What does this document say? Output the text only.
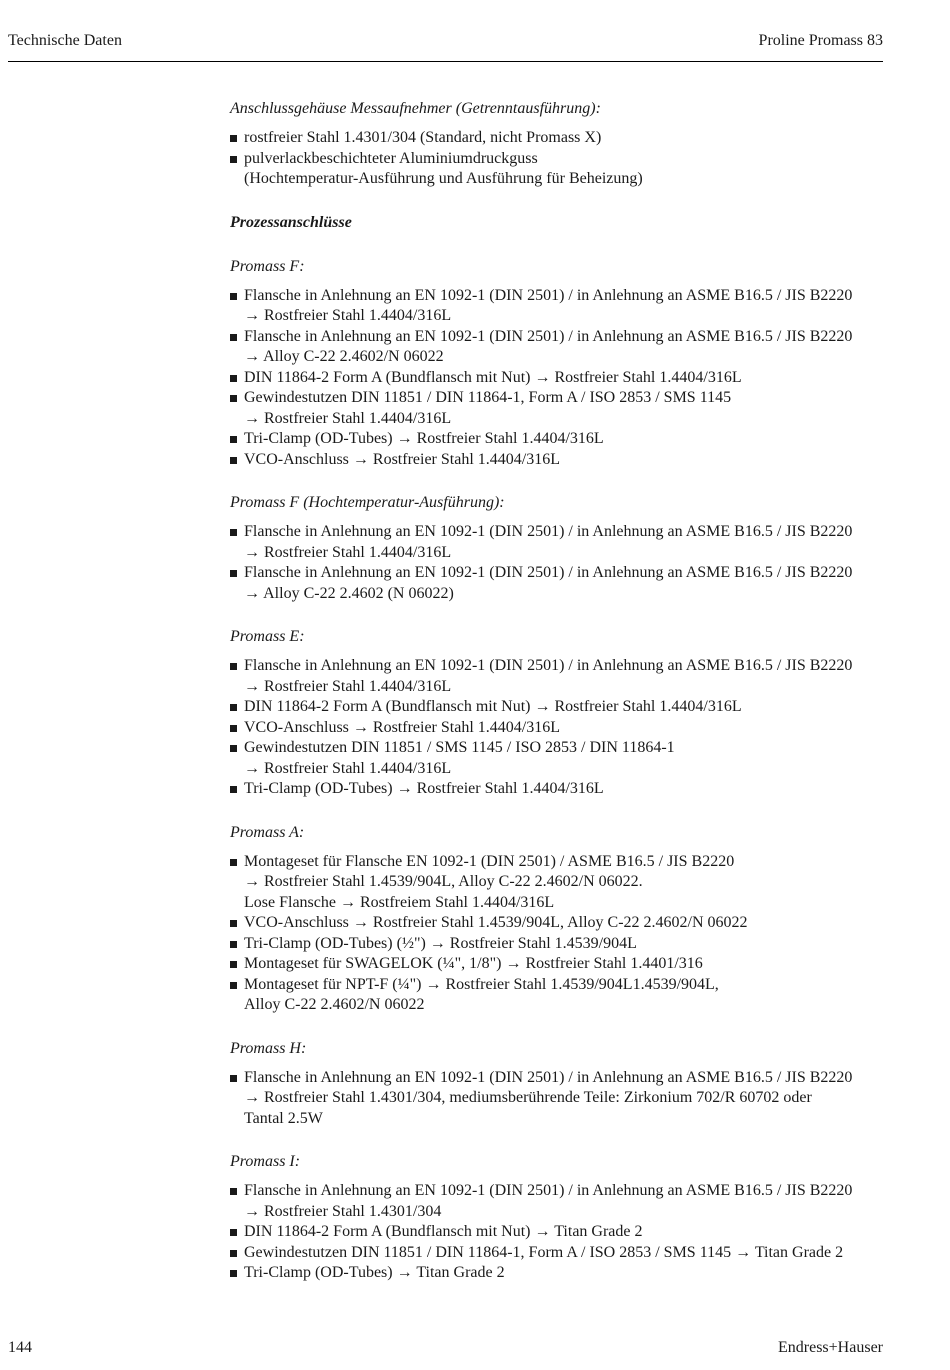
Technische Daten	Proline Promass 83
Anschlussgehäuse Messaufnehmer (Getrenntausführung):
rostfreier Stahl 1.4301/304 (Standard, nicht Promass X)
pulverlackbeschichteter Aluminiumdruckguss
(Hochtemperatur-Ausführung und Ausführung für Beheizung)
Prozessanschlüsse
Promass F:
Flansche in Anlehnung an EN 1092-1 (DIN 2501) / in Anlehnung an ASME B16.5 / JIS B2220
→ Rostfreier Stahl 1.4404/316L
Flansche in Anlehnung an EN 1092-1 (DIN 2501) / in Anlehnung an ASME B16.5 / JIS B2220
→ Alloy C-22 2.4602/N 06022
DIN 11864-2 Form A (Bundflansch mit Nut) → Rostfreier Stahl 1.4404/316L
Gewindestutzen DIN 11851 / DIN 11864-1, Form A / ISO 2853 / SMS 1145
→ Rostfreier Stahl 1.4404/316L
Tri-Clamp (OD-Tubes) → Rostfreier Stahl 1.4404/316L
VCO-Anschluss → Rostfreier Stahl 1.4404/316L
Promass F (Hochtemperatur-Ausführung):
Flansche in Anlehnung an EN 1092-1 (DIN 2501) / in Anlehnung an ASME B16.5 / JIS B2220
→ Rostfreier Stahl 1.4404/316L
Flansche in Anlehnung an EN 1092-1 (DIN 2501) / in Anlehnung an ASME B16.5 / JIS B2220
→ Alloy C-22 2.4602 (N 06022)
Promass E:
Flansche in Anlehnung an EN 1092-1 (DIN 2501) / in Anlehnung an ASME B16.5 / JIS B2220
→ Rostfreier Stahl 1.4404/316L
DIN 11864-2 Form A (Bundflansch mit Nut) → Rostfreier Stahl 1.4404/316L
VCO-Anschluss → Rostfreier Stahl 1.4404/316L
Gewindestutzen DIN 11851 / SMS 1145 / ISO 2853 / DIN 11864-1
→ Rostfreier Stahl 1.4404/316L
Tri-Clamp (OD-Tubes) → Rostfreier Stahl 1.4404/316L
Promass A:
Montageset für Flansche EN 1092-1 (DIN 2501) / ASME B16.5 / JIS B2220
→ Rostfreier Stahl 1.4539/904L, Alloy C-22 2.4602/N 06022.
Lose Flansche → Rostfreiem Stahl 1.4404/316L
VCO-Anschluss → Rostfreier Stahl 1.4539/904L, Alloy C-22 2.4602/N 06022
Tri-Clamp (OD-Tubes) (½") → Rostfreier Stahl 1.4539/904L
Montageset für SWAGELOK (¼", 1/8") → Rostfreier Stahl 1.4401/316
Montageset für NPT-F (¼") → Rostfreier Stahl 1.4539/904L1.4539/904L,
Alloy C-22 2.4602/N 06022
Promass H:
Flansche in Anlehnung an EN 1092-1 (DIN 2501) / in Anlehnung an ASME B16.5 / JIS B2220
→ Rostfreier Stahl 1.4301/304, mediumsberührende Teile: Zirkonium 702/R 60702 oder
Tantal 2.5W
Promass I:
Flansche in Anlehnung an EN 1092-1 (DIN 2501) / in Anlehnung an ASME B16.5 / JIS B2220
→ Rostfreier Stahl 1.4301/304
DIN 11864-2 Form A (Bundflansch mit Nut) → Titan Grade 2
Gewindestutzen DIN 11851 / DIN 11864-1, Form A / ISO 2853 / SMS 1145 → Titan Grade 2
Tri-Clamp (OD-Tubes) → Titan Grade 2
144	Endress+Hauser
